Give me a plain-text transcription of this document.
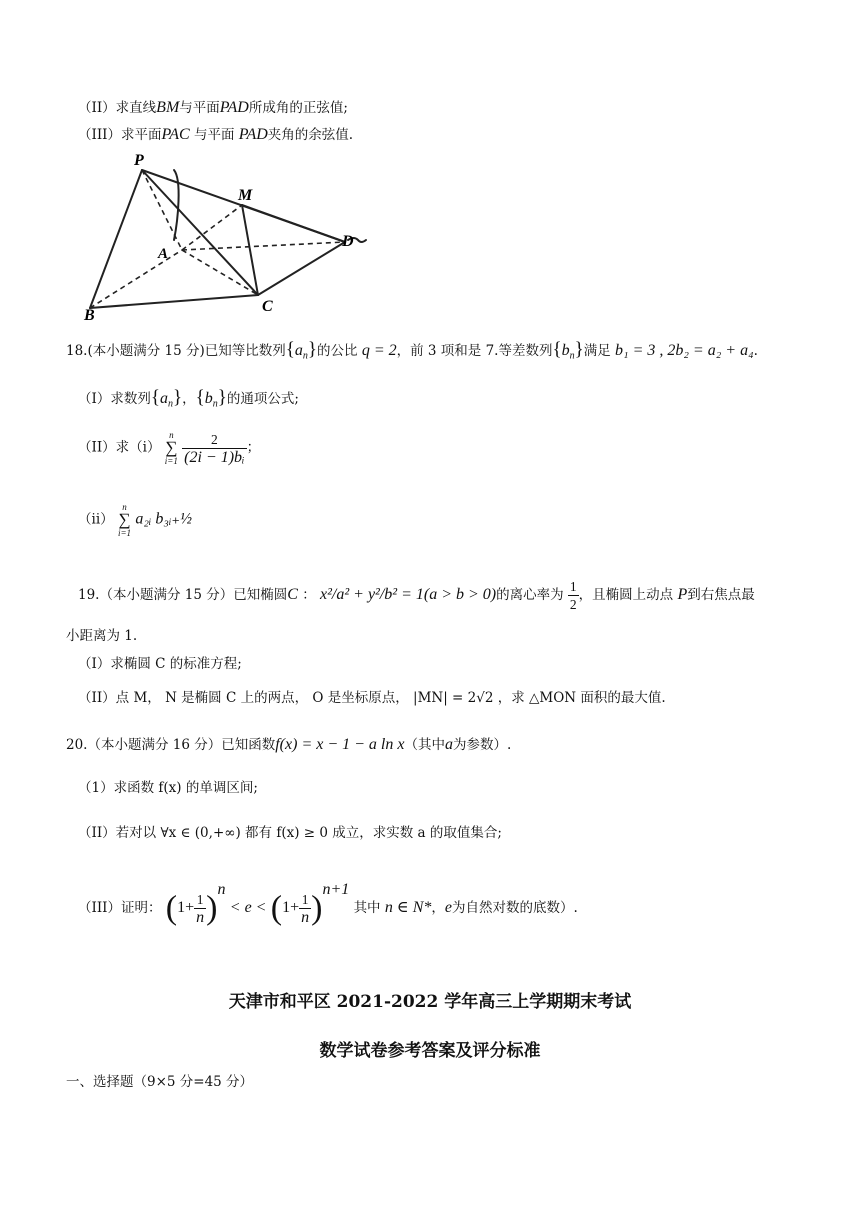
（II）求直线BM与平面PAD所成角的正弦值;
（III）求平面PAC 与平面 PAD夹角的余弦值.
P
A
M
D
B
C
18.(本小题满分 15 分)已知等比数列$\{a_n\}$的公比 q = 2，前 3 项和是 7.等差数列$\{b_n\}$满足 b₁ = 3 , 2b₂ = a₂ + a₄.
（I）求数列$\{a_n\}$，$\{b_n\}$的通项公式;
（II）求（i）
n
∑
i=1
$\frac{2}{\text{(2i − 1)bᵢ}}$ ；
（ii）
n
∑
i=1
a₂ᵢ b₃ᵢ₊½
19.（本小题满分 15 分）已知椭圆C ： x²/a² + y²/b² = 1(a > b > 0)的离心率为 $\frac{1}{2}$ ，且椭圆上动点 P到右焦点最
小距离为 1.
（I）求椭圆 C 的标准方程;
（II）点 M， N 是椭圆 C 上的两点， O 是坐标原点， |MN| = 2√2 ，求 △MON 面积的最大值.
20.（本小题满分 16 分）已知函数f(x) = x − 1 − a ln x（其中a为参数）.
（1）求函数 f(x) 的单调区间;
（II）若对以 ∀x ∈ (0,+∞) 都有 f(x) ≥ 0 成立，求实数 a 的取值集合;
（III）证明： $(1+ \frac{1}{n} )^n < e < (1+ \frac{1}{n} )^{n+1}$ 其中 n ∈ N*，e为自然对数的底数）.
天津市和平区 2021-2022 学年高三上学期期末考试
数学试卷参考答案及评分标准
一、选择题（9×5 分=45 分）
